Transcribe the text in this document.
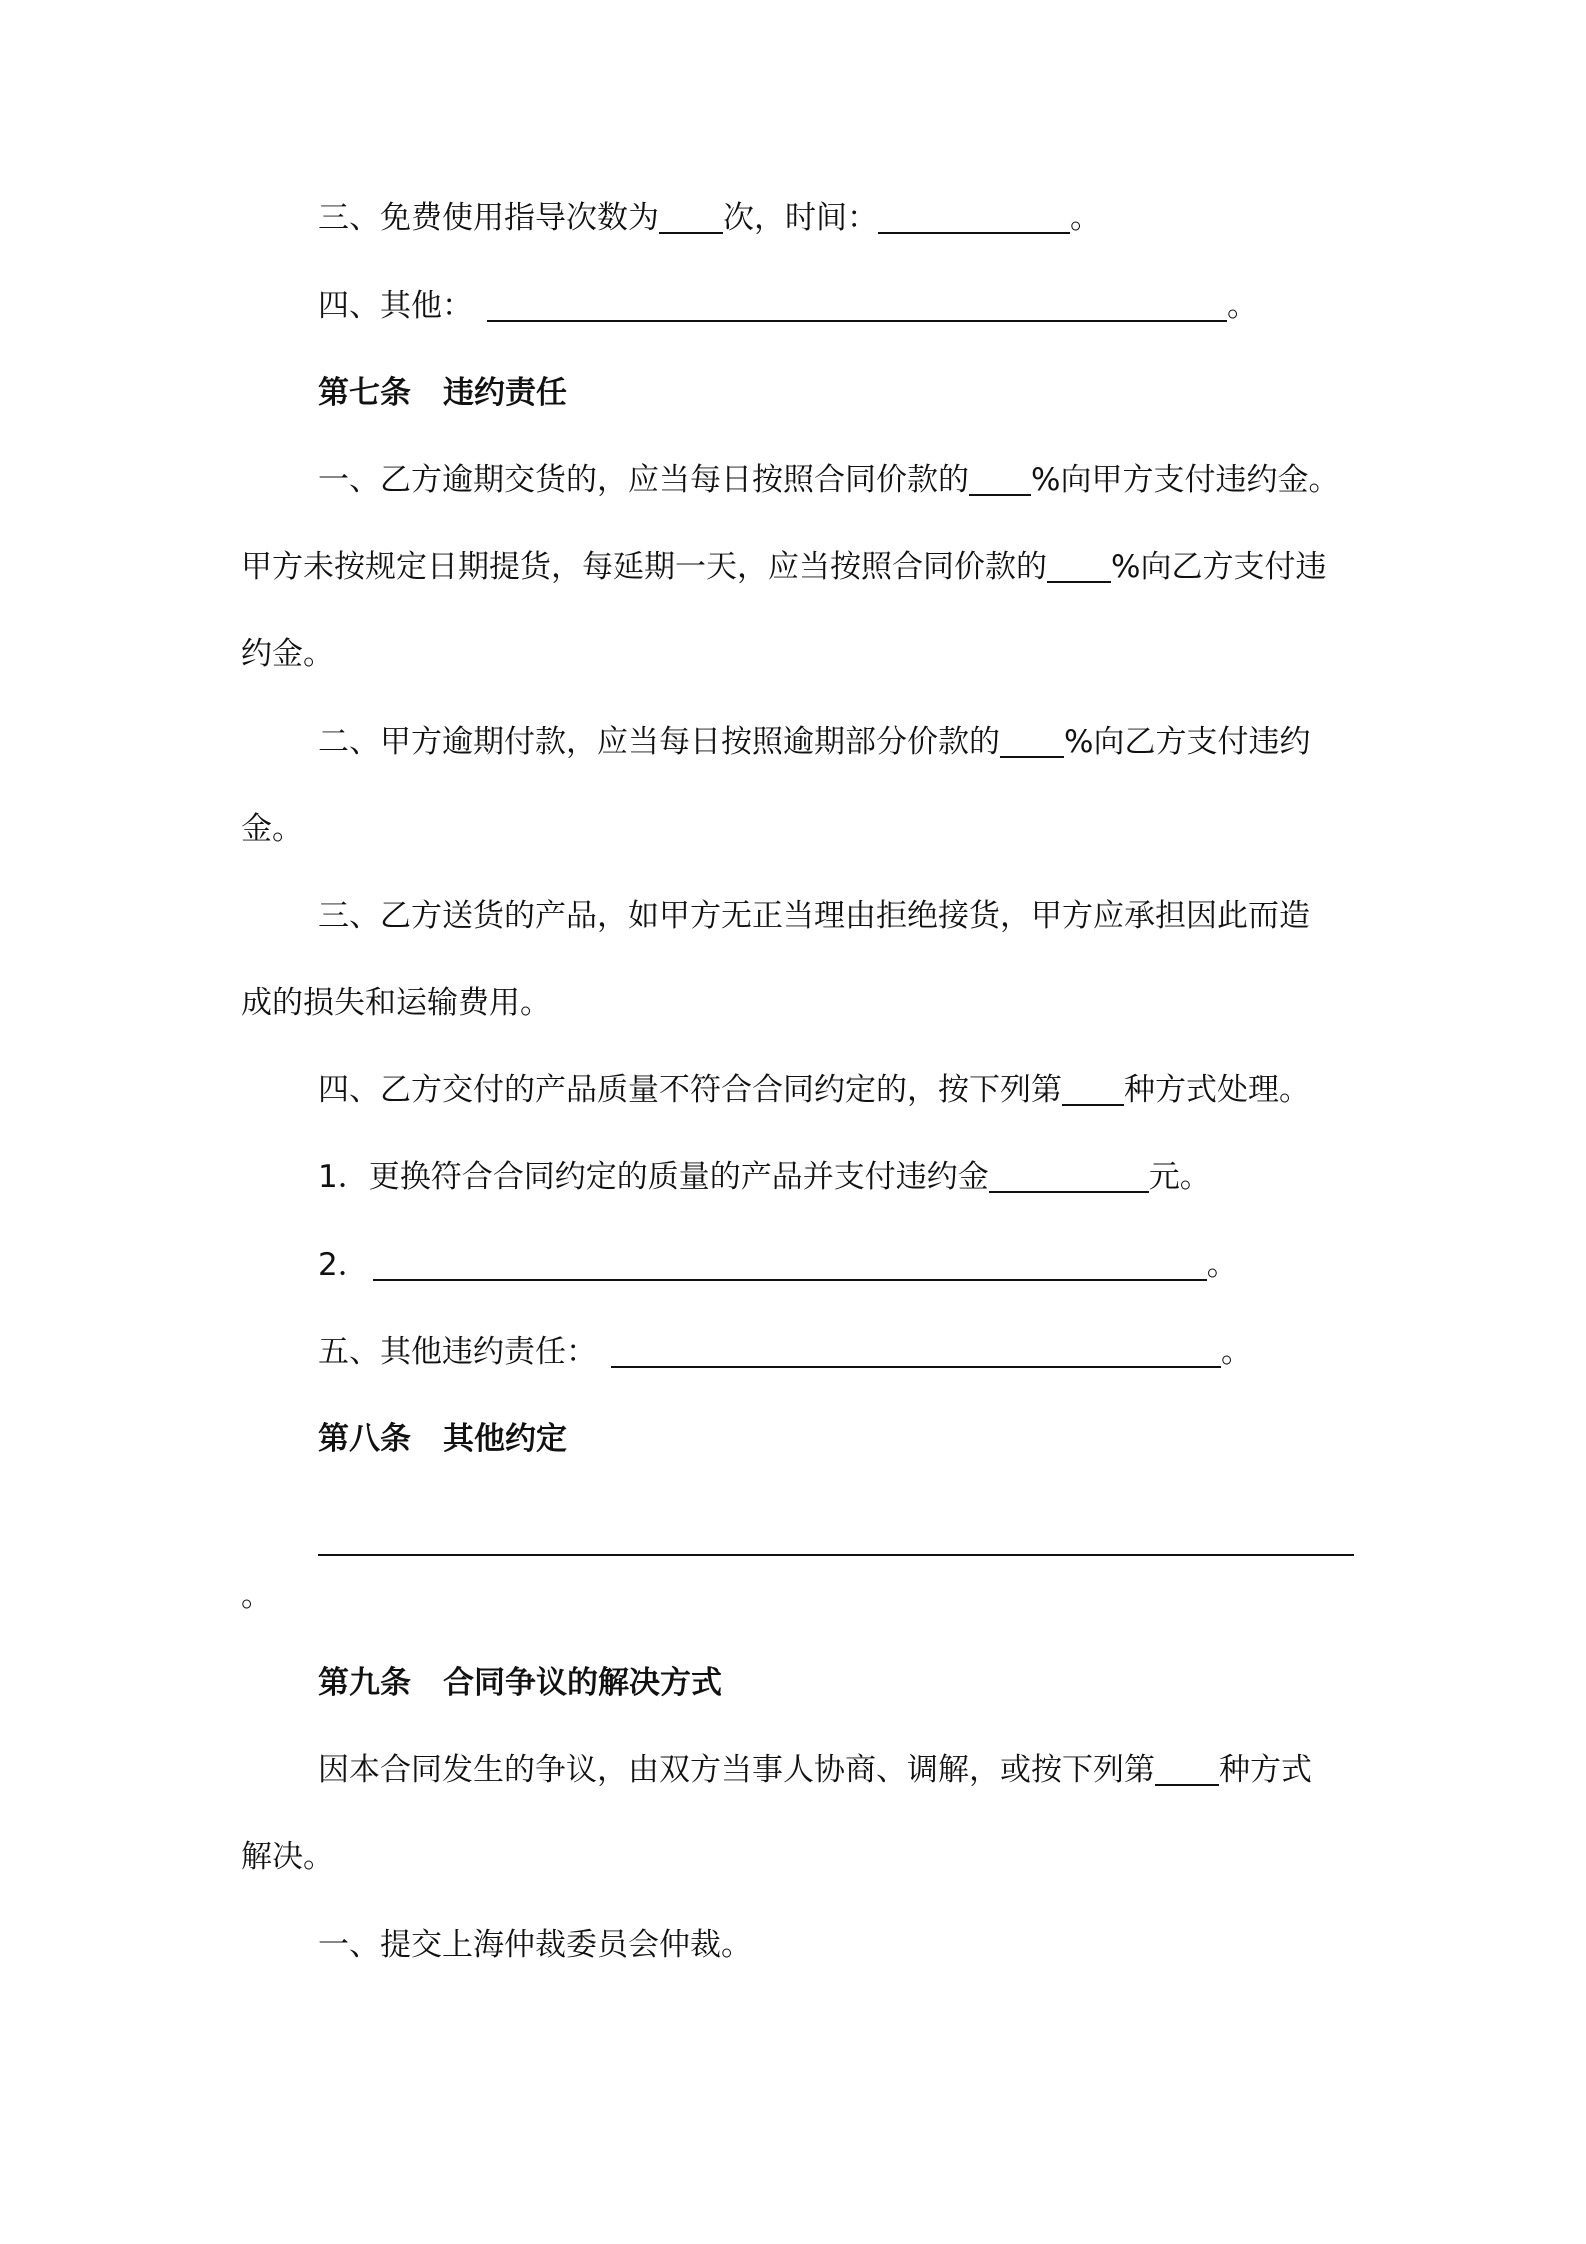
三、免费使用指导次数为 次，时间：	。
四、其他：	。
第七条 违约责任
一、乙方逾期交货的，应当每日按照合同价款的 %向甲方支付违约金。
甲方未按规定日期提货，每延期一天，应当按照合同价款的 %向乙方支付违
约金。
二、甲方逾期付款，应当每日按照逾期部分价款的 %向乙方支付违约
金。
三、乙方送货的产品，如甲方无正当理由拒绝接货，甲方应承担因此而造
成的损失和运输费用。
四、乙方交付的产品质量不符合合同约定的，按下列第 种方式处理。
1．更换符合合同约定的质量的产品并支付违约金	元。
2．	。
五、其他违约责任：	。
第八条 其他约定
。
第九条 合同争议的解决方式
因本合同发生的争议，由双方当事人协商、调解，或按下列第 种方式
解决。
一、提交上海仲裁委员会仲裁。
